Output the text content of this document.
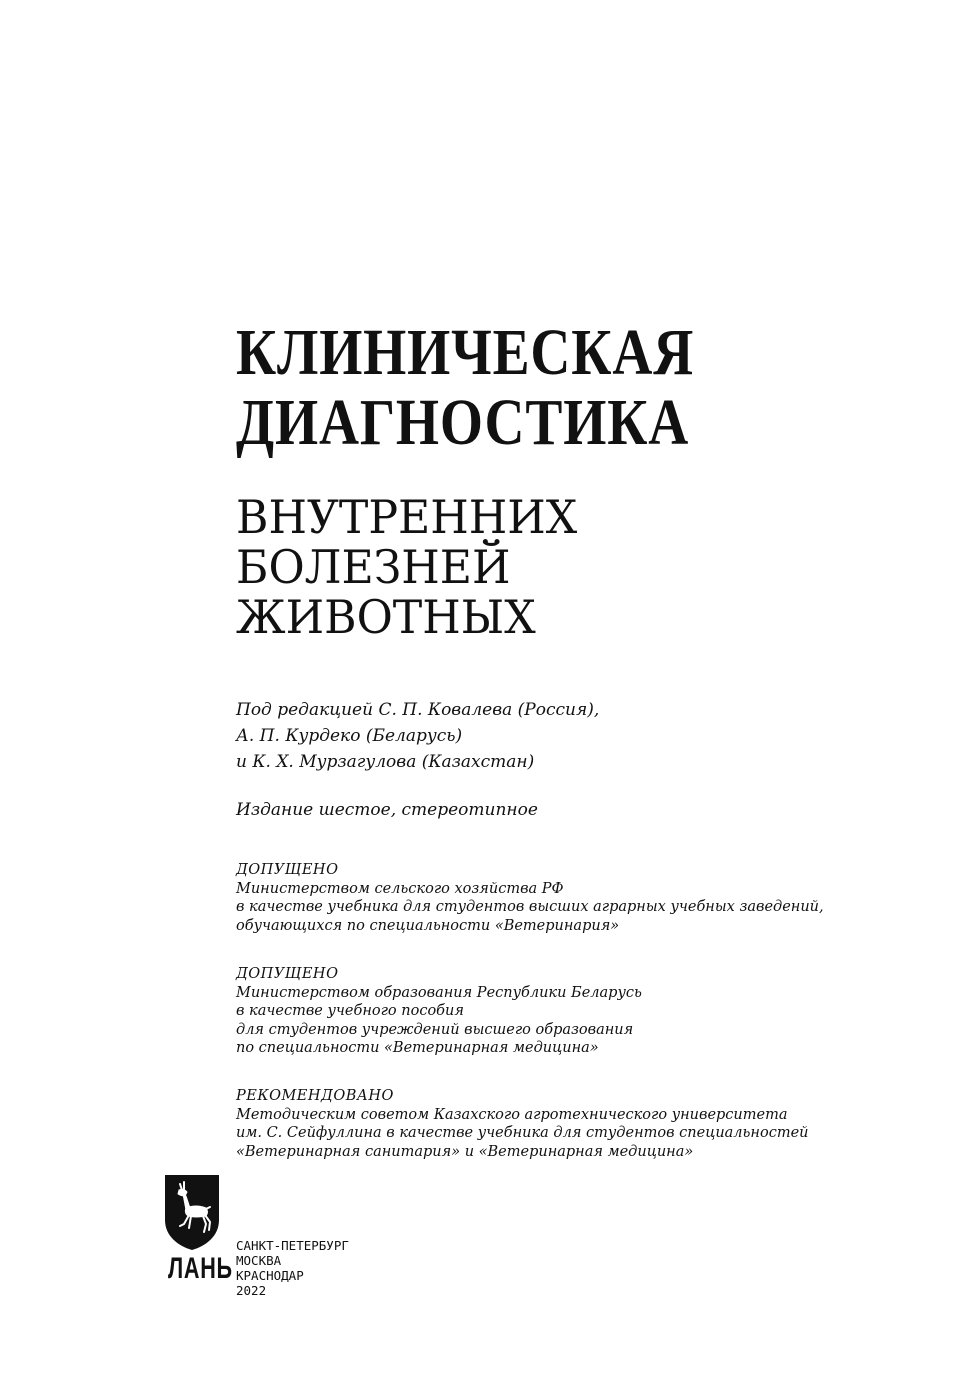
КЛИНИЧЕСКАЯ
ДИАГНОСТИКА
ВНУТРЕННИХ
БОЛЕЗНЕЙ
ЖИВОТНЫХ
Под редакцией С. П. Ковалева (Россия),
А. П. Курдеко (Беларусь)
и К. Х. Мурзагулова (Казахстан)
Издание шестое, стереотипное
ДОПУЩЕНО
Министерством сельского хозяйства РФ
в качестве учебника для студентов высших аграрных учебных заведений,
обучающихся по специальности «Ветеринария»
ДОПУЩЕНО
Министерством образования Республики Беларусь
в качестве учебного пособия
для студентов учреждений высшего образования
по специальности «Ветеринарная медицина»
РЕКОМЕНДОВАНО
Методическим советом Казахского агротехнического университета
им. С. Сейфуллина в качестве учебника для студентов специальностей
«Ветеринарная санитария» и «Ветеринарная медицина»
ЛАНЬ
САНКТ-ПЕТЕРБУРГ
МОСКВА
КРАСНОДАР
2022
